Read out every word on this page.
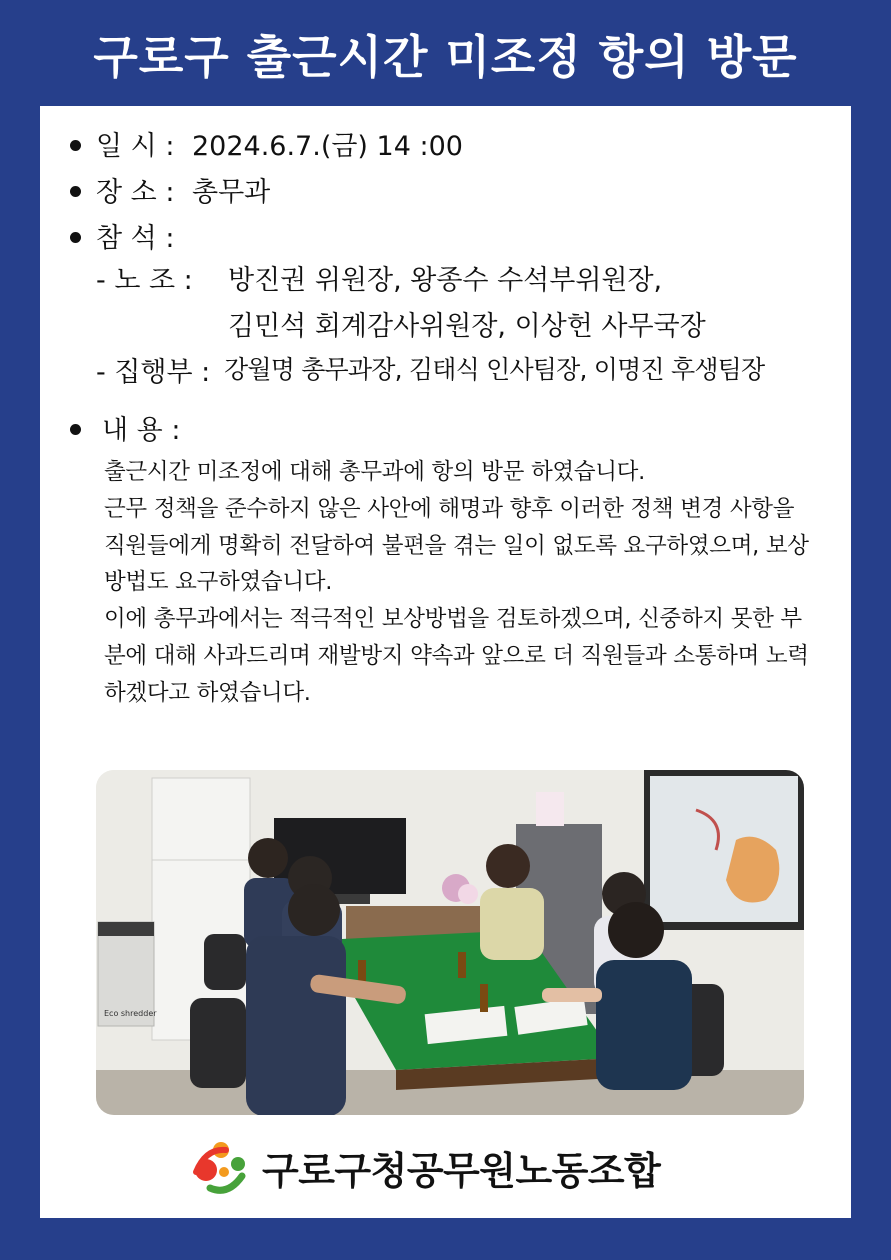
구로구 출근시간 미조정 항의 방문
일 시 : 2024.6.7.(금) 14 :00
장 소 : 총무과
참 석 :
- 노 조 : 방진권 위원장, 왕종수 수석부위원장,
김민석 회계감사위원장, 이상헌 사무국장
- 집행부 : 강월명 총무과장, 김태식 인사팀장, 이명진 후생팀장
내 용 :
출근시간 미조정에 대해 총무과에 항의 방문 하였습니다.
근무 정책을 준수하지 않은 사안에 해명과 향후 이러한 정책 변경 사항을 직원들에게 명확히 전달하여 불편을 겪는 일이 없도록 요구하였으며, 보상방법도 요구하였습니다.
이에 총무과에서는 적극적인 보상방법을 검토하겠으며, 신중하지 못한 부분에 대해 사과드리며 재발방지 약속과 앞으로 더 직원들과 소통하며 노력하겠다고 하였습니다.
Eco shredder
구로구청공무원노동조합
